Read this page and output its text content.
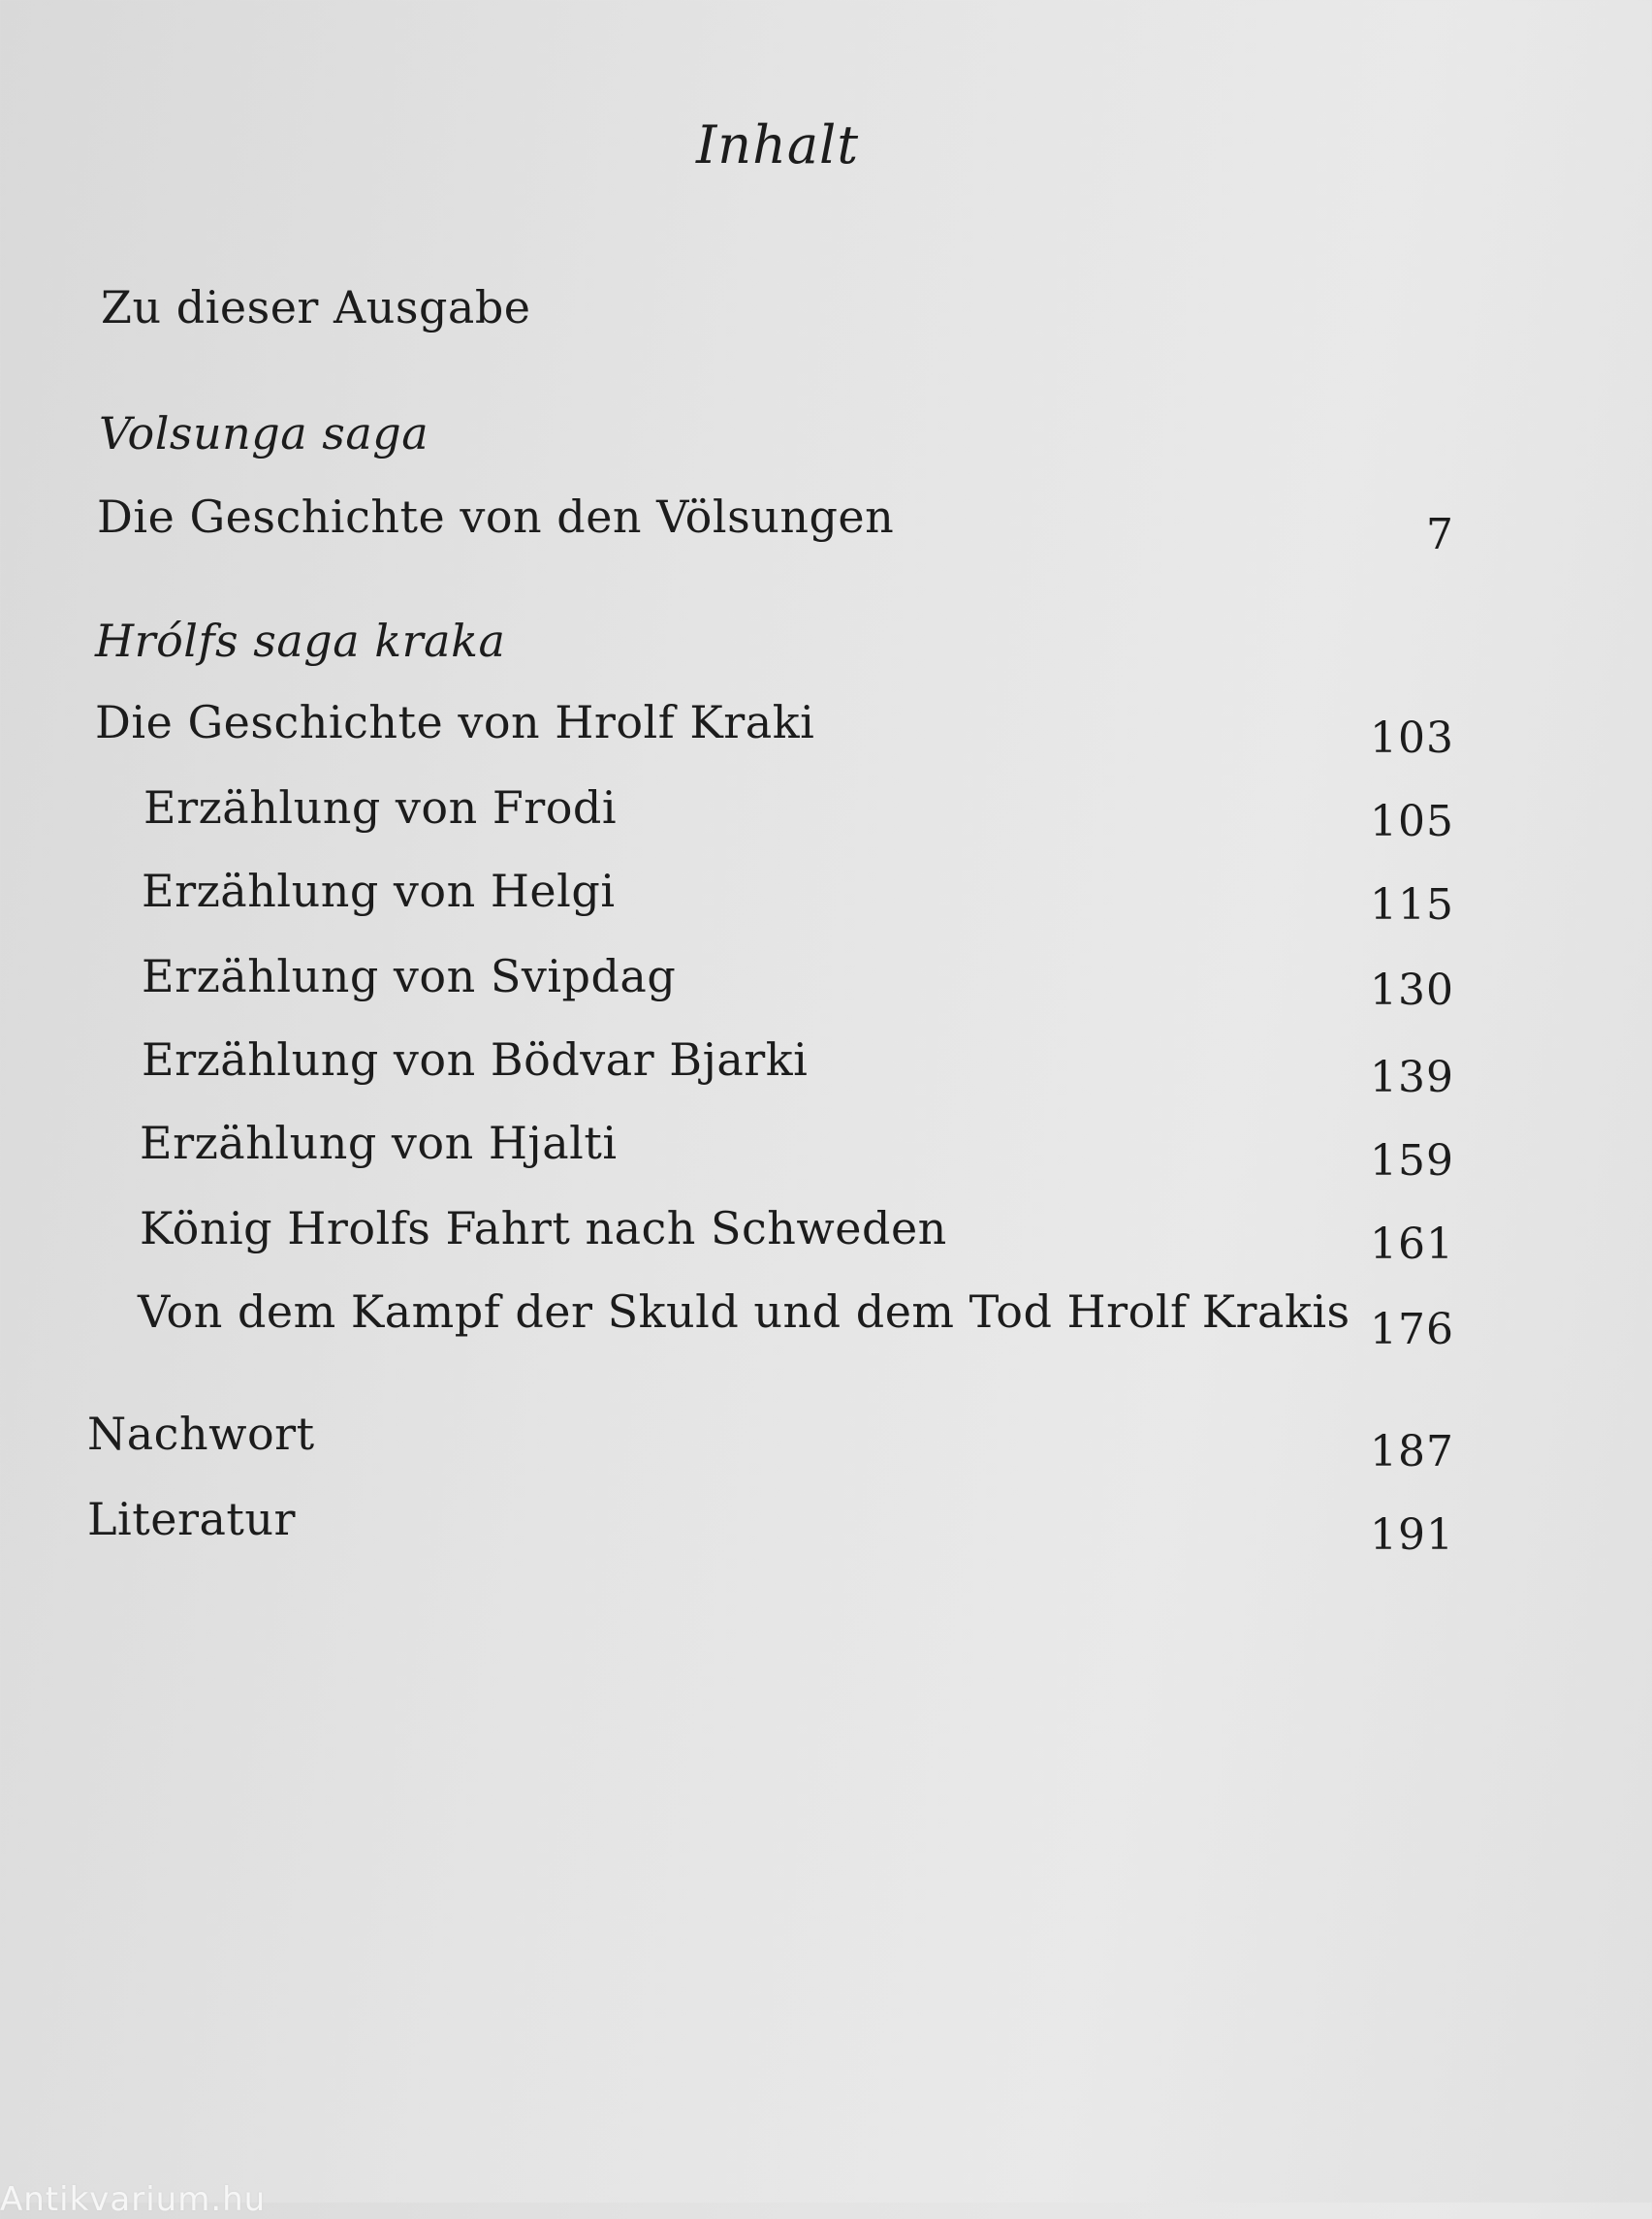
Inhalt
Zu dieser Ausgabe
Volsunga saga
Die Geschichte von den Völsungen	7
Hrólfs saga kraka
Die Geschichte von Hrolf Kraki	103
Erzählung von Frodi	105
Erzählung von Helgi	115
Erzählung von Svipdag	130
Erzählung von Bödvar Bjarki	139
Erzählung von Hjalti	159
König Hrolfs Fahrt nach Schweden	161
Von dem Kampf der Skuld und dem Tod Hrolf Krakis 176
Nachwort	187
Literatur	191
Antikvarium.hu
